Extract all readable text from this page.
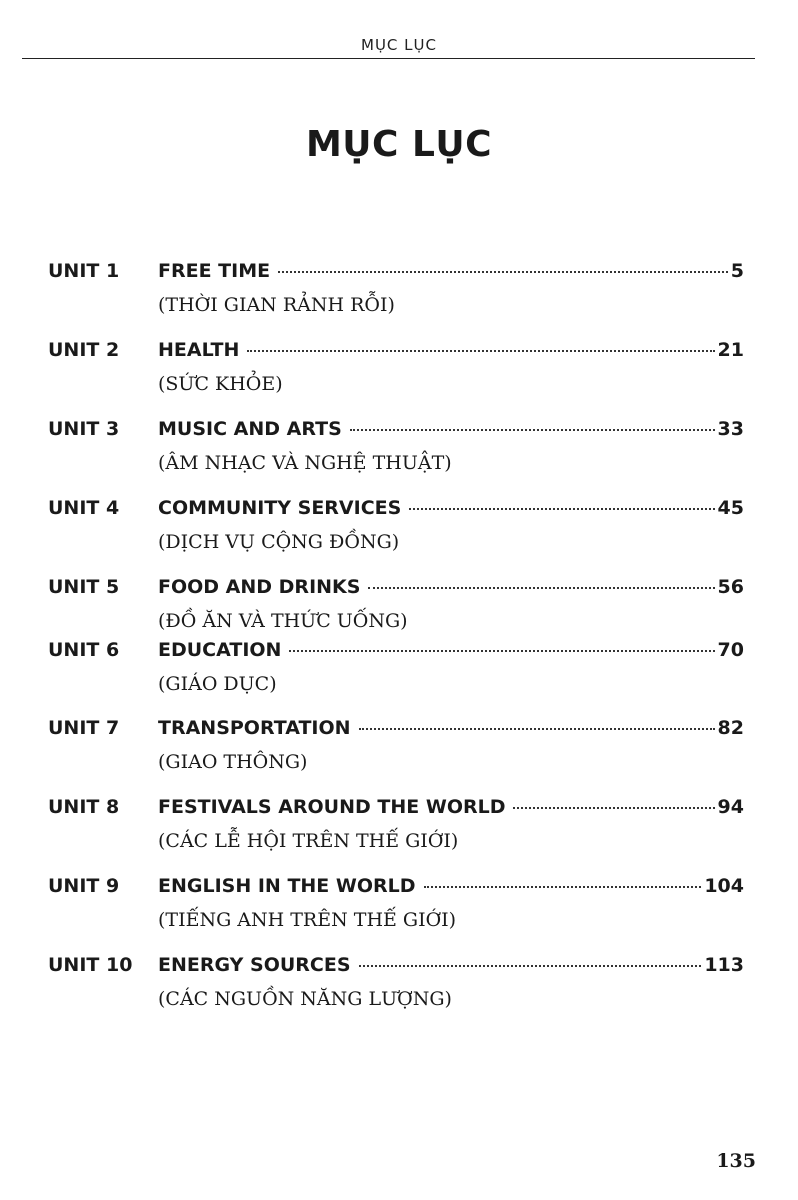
MỤC LỤC
MỤC LỤC
UNIT 1 FREE TIME	5
(THỜI GIAN RẢNH RỖI)
UNIT 2 HEALTH	21
(SỨC KHỎE)
UNIT 3 MUSIC AND ARTS	33
(ÂM NHẠC VÀ NGHỆ THUẬT)
UNIT 4 COMMUNITY SERVICES	45
(DỊCH VỤ CỘNG ĐỒNG)
UNIT 5 FOOD AND DRINKS	56
(ĐỒ ĂN VÀ THỨC UỐNG)
UNIT 6 EDUCATION	70
(GIÁO DỤC)
UNIT 7 TRANSPORTATION	82
(GIAO THÔNG)
UNIT 8 FESTIVALS AROUND THE WORLD	94
(CÁC LỄ HỘI TRÊN THẾ GIỚI)
UNIT 9 ENGLISH IN THE WORLD	104
(TIẾNG ANH TRÊN THẾ GIỚI)
UNIT 10 ENERGY SOURCES	113
(CÁC NGUỒN NĂNG LƯỢNG)
135
